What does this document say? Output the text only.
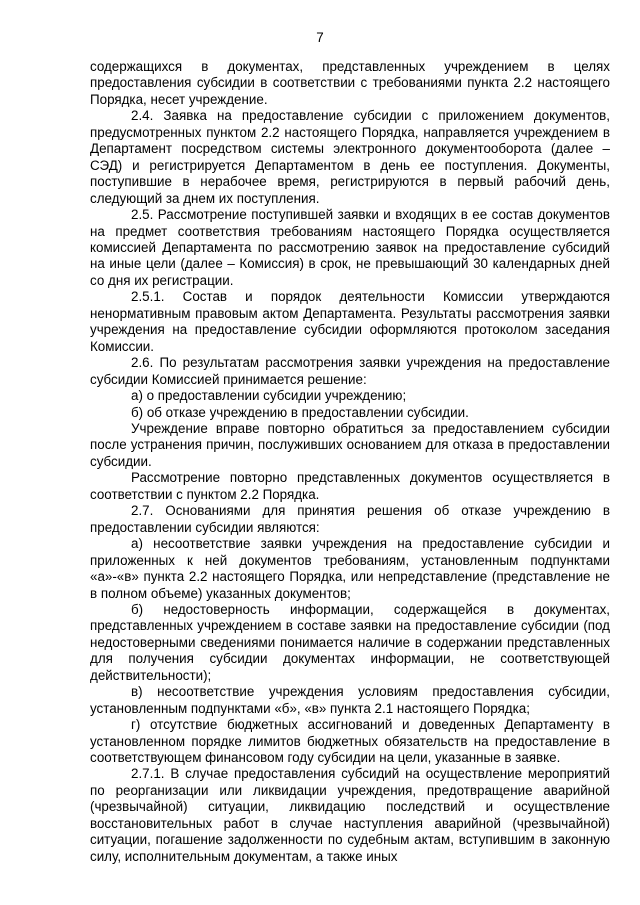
7

содержащихся в документах, представленных учреждением в целях предоставления субсидии в соответствии с требованиями пункта 2.2 настоящего Порядка, несет учреждение.

2.4. Заявка на предоставление субсидии с приложением документов, предусмотренных пунктом 2.2 настоящего Порядка, направляется учреждением в Департамент посредством системы электронного документооборота (далее – СЭД) и регистрируется Департаментом в день ее поступления. Документы, поступившие в нерабочее время, регистрируются в первый рабочий день, следующий за днем их поступления.

2.5. Рассмотрение поступившей заявки и входящих в ее состав документов на предмет соответствия требованиям настоящего Порядка осуществляется комиссией Департамента по рассмотрению заявок на предоставление субсидий на иные цели (далее – Комиссия) в срок, не превышающий 30 календарных дней со дня их регистрации.

2.5.1. Состав и порядок деятельности Комиссии утверждаются ненормативным правовым актом Департамента. Результаты рассмотрения заявки учреждения на предоставление субсидии оформляются протоколом заседания Комиссии.

2.6. По результатам рассмотрения заявки учреждения на предоставление субсидии Комиссией принимается решение:

а) о предоставлении субсидии учреждению;

б) об отказе учреждению в предоставлении субсидии.

Учреждение вправе повторно обратиться за предоставлением субсидии после устранения причин, послуживших основанием для отказа в предоставлении субсидии.

Рассмотрение повторно представленных документов осуществляется в соответствии с пунктом 2.2 Порядка.

2.7. Основаниями для принятия решения об отказе учреждению в предоставлении субсидии являются:

а) несоответствие заявки учреждения на предоставление субсидии и приложенных к ней документов требованиям, установленным подпунктами «а»-«в» пункта 2.2 настоящего Порядка, или непредставление (представление не в полном объеме) указанных документов;

б) недостоверность информации, содержащейся в документах, представленных учреждением в составе заявки на предоставление субсидии (под недостоверными сведениями понимается наличие в содержании представленных для получения субсидии документах информации, не соответствующей действительности);

в) несоответствие учреждения условиям предоставления субсидии, установленным подпунктами «б», «в» пункта 2.1 настоящего Порядка;

г) отсутствие бюджетных ассигнований и доведенных Департаменту в установленном порядке лимитов бюджетных обязательств на предоставление в соответствующем финансовом году субсидии на цели, указанные в заявке.

2.7.1. В случае предоставления субсидий на осуществление мероприятий по реорганизации или ликвидации учреждения, предотвращение аварийной (чрезвычайной) ситуации, ликвидацию последствий и осуществление восстановительных работ в случае наступления аварийной (чрезвычайной) ситуации, погашение задолженности по судебным актам, вступившим в законную силу, исполнительным документам, а также иных
